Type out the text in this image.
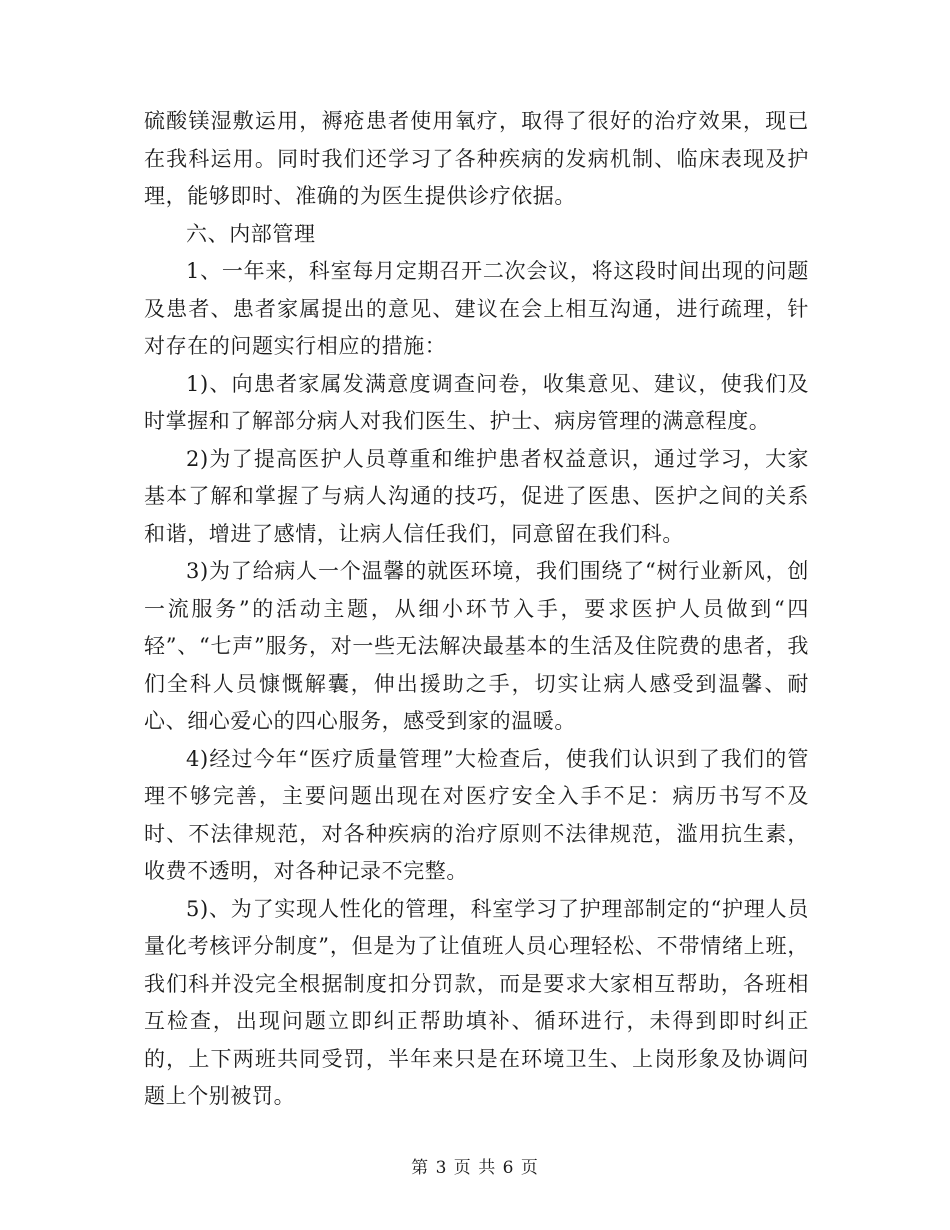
硫酸镁湿敷运用，褥疮患者使用氧疗，取得了很好的治疗效果，现已在我科运用。同时我们还学习了各种疾病的发病机制、临床表现及护理，能够即时、准确的为医生提供诊疗依据。

六、内部管理

1、一年来，科室每月定期召开二次会议，将这段时间出现的问题及患者、患者家属提出的意见、建议在会上相互沟通，进行疏理，针对存在的问题实行相应的措施：

1)、向患者家属发满意度调查问卷，收集意见、建议，使我们及时掌握和了解部分病人对我们医生、护士、病房管理的满意程度。

2)为了提高医护人员尊重和维护患者权益意识，通过学习，大家基本了解和掌握了与病人沟通的技巧，促进了医患、医护之间的关系和谐，增进了感情，让病人信任我们，同意留在我们科。

3)为了给病人一个温馨的就医环境，我们围绕了“树行业新风，创一流服务”的活动主题，从细小环节入手，要求医护人员做到“四轻”、“七声”服务，对一些无法解决最基本的生活及住院费的患者，我们全科人员慷慨解囊，伸出援助之手，切实让病人感受到温馨、耐心、细心爱心的四心服务，感受到家的温暖。

4)经过今年“医疗质量管理”大检查后，使我们认识到了我们的管理不够完善，主要问题出现在对医疗安全入手不足：病历书写不及时、不法律规范，对各种疾病的治疗原则不法律规范，滥用抗生素，收费不透明，对各种记录不完整。

5)、为了实现人性化的管理，科室学习了护理部制定的“护理人员量化考核评分制度”，但是为了让值班人员心理轻松、不带情绪上班，我们科并没完全根据制度扣分罚款，而是要求大家相互帮助，各班相互检查，出现问题立即纠正帮助填补、循环进行，未得到即时纠正的，上下两班共同受罚，半年来只是在环境卫生、上岗形象及协调问题上个别被罚。

第 3 页 共 6 页
